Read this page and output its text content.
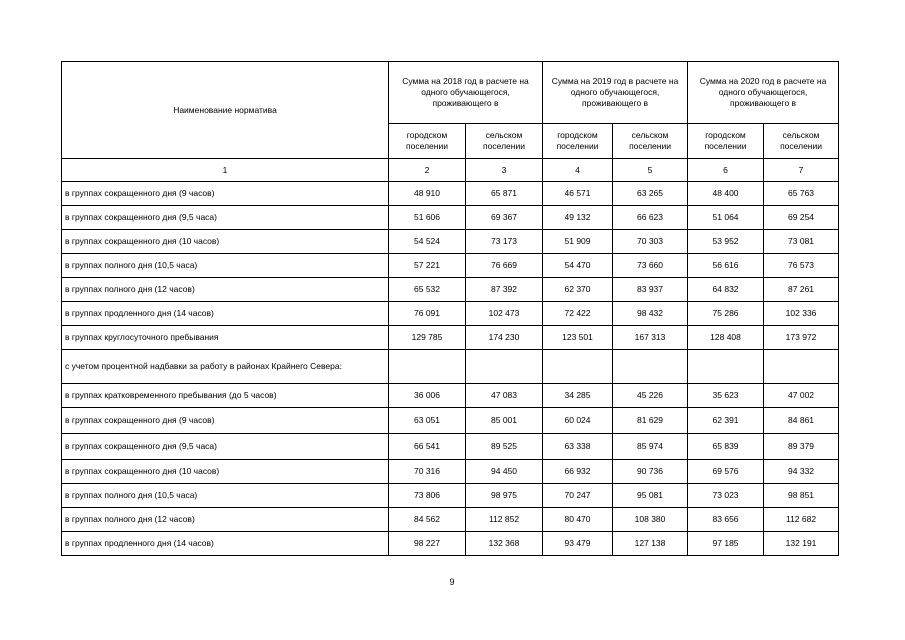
Наименование норматива	Сумма на 2018 год в расчете на одного обучающегося, проживающего в		Сумма на 2019 год в расчете на одного обучающегося, проживающего в		Сумма на 2020 год в расчете на одного обучающегося, проживающего в	
	городском поселении	сельском поселении	городском поселении	сельском поселении	городском поселении	сельском поселении
1	2	3	4	5	6	7
в группах сокращенного дня (9 часов)	48 910	65 871	46 571	63 265	48 400	65 763
в группах сокращенного дня (9,5 часа)	51 606	69 367	49 132	66 623	51 064	69 254
в группах сокращенного дня (10 часов)	54 524	73 173	51 909	70 303	53 952	73 081
в группах полного дня (10,5 часа)	57 221	76 669	54 470	73 660	56 616	76 573
в группах полного дня (12 часов)	65 532	87 392	62 370	83 937	64 832	87 261
в группах продленного дня (14 часов)	76 091	102 473	72 422	98 432	75 286	102 336
в группах круглосуточного пребывания	129 785	174 230	123 501	167 313	128 408	173 972
с учетом процентной надбавки за работу в районах Крайнего Севера:						
в группах кратковременного пребывания (до 5 часов)	36 006	47 083	34 285	45 226	35 623	47 002
в группах сокращенного дня (9 часов)	63 051	85 001	60 024	81 629	62 391	84 861
в группах сокращенного дня (9,5 часа)	66 541	89 525	63 338	85 974	65 839	89 379
в группах сокращенного дня (10 часов)	70 316	94 450	66 932	90 736	69 576	94 332
в группах полного дня (10,5 часа)	73 806	98 975	70 247	95 081	73 023	98 851
в группах полного дня (12 часов)	84 562	112 852	80 470	108 380	83 656	112 682
в группах продленного дня (14 часов)	98 227	132 368	93 479	127 138	97 185	132 191
9
